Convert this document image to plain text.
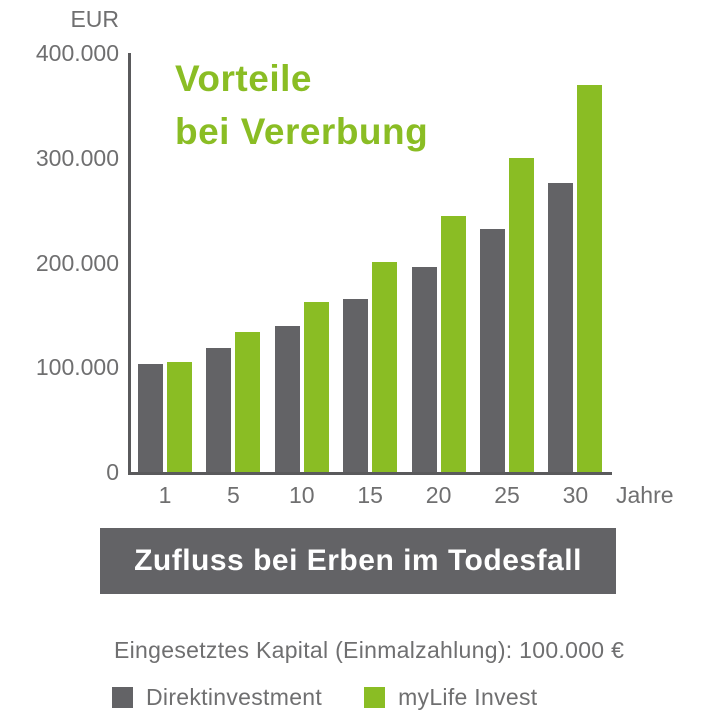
EUR
Vorteile
bei Vererbung
400.000
300.000
200.000
100.000
0
1	5	10	15	20	25	30	Jahre
Zufluss bei Erben im Todesfall
Eingesetztes Kapital (Einmalzahlung): 100.000 €
Direktinvestment	myLife Invest
